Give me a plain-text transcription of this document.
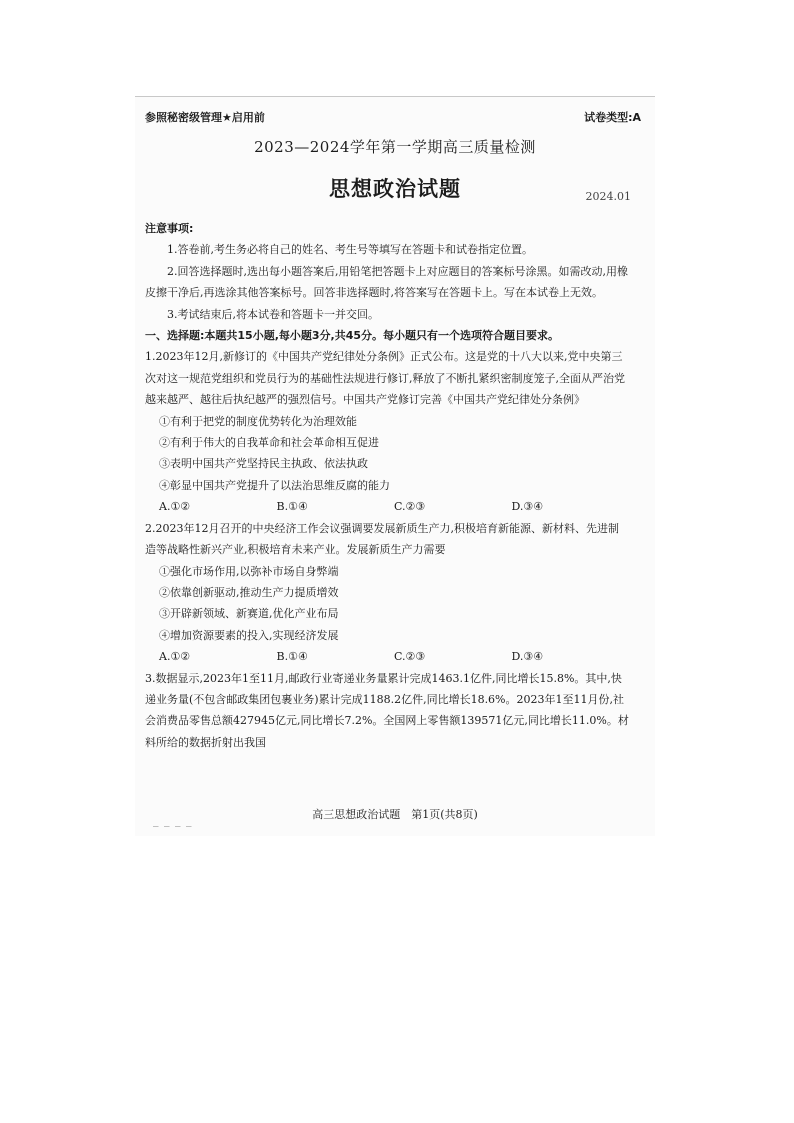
参照秘密级管理★启用前	试卷类型:A
2023—2024学年第一学期高三质量检测
思想政治试题	2024.01

注意事项:

1.答卷前,考生务必将自己的姓名、考生号等填写在答题卡和试卷指定位置。

2.回答选择题时,选出每小题答案后,用铅笔把答题卡上对应题目的答案标号涂黑。如需改动,用橡皮擦干净后,再选涂其他答案标号。回答非选择题时,将答案写在答题卡上。写在本试卷上无效。

3.考试结束后,将本试卷和答题卡一并交回。

一、选择题:本题共15小题,每小题3分,共45分。每小题只有一个选项符合题目要求。

1.2023年12月,新修订的《中国共产党纪律处分条例》正式公布。这是党的十八大以来,党中央第三次对这一规范党组织和党员行为的基础性法规进行修订,释放了不断扎紧织密制度笼子,全面从严治党越来越严、越往后执纪越严的强烈信号。中国共产党修订完善《中国共产党纪律处分条例》

①有利于把党的制度优势转化为治理效能

②有利于伟大的自我革命和社会革命相互促进

③表明中国共产党坚持民主执政、依法执政

④彰显中国共产党提升了以法治思维反腐的能力

A.①②	B.①④	C.②③	D.③④

2.2023年12月召开的中央经济工作会议强调要发展新质生产力,积极培育新能源、新材料、先进制造等战略性新兴产业,积极培育未来产业。发展新质生产力需要

①强化市场作用,以弥补市场自身弊端

②依靠创新驱动,推动生产力提质增效

③开辟新领域、新赛道,优化产业布局

④增加资源要素的投入,实现经济发展

A.①②	B.①④	C.②③	D.③④

3.数据显示,2023年1至11月,邮政行业寄递业务量累计完成1463.1亿件,同比增长15.8%。其中,快递业务量(不包含邮政集团包裹业务)累计完成1188.2亿件,同比增长18.6%。2023年1至11月份,社会消费品零售总额427945亿元,同比增长7.2%。全国网上零售额139571亿元,同比增长11.0%。材料所给的数据折射出我国

_ _ _ _	高三思想政治试题　第1页(共8页)
